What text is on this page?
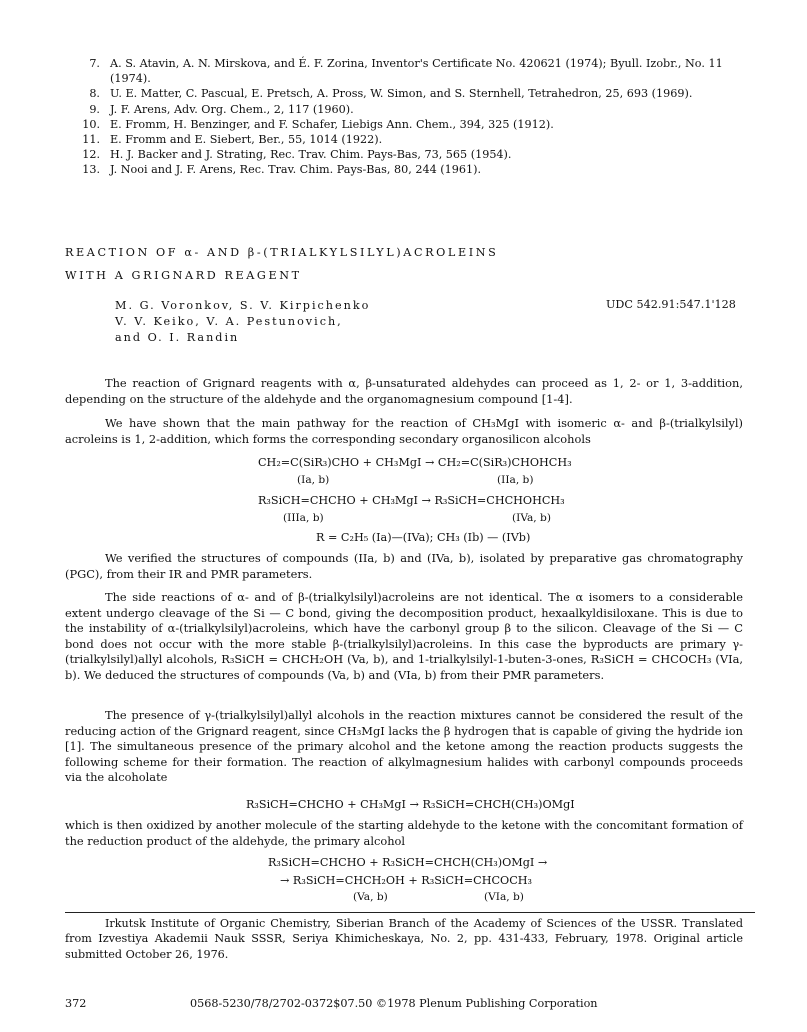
7. A. S. Atavin, A. N. Mirskova, and É. F. Zorina, Inventor's Certificate No. 420621 (1974); Byull. Izobr., No. 11 (1974).
8. U. E. Matter, C. Pascual, E. Pretsch, A. Pross, W. Simon, and S. Sternhell, Tetrahedron, 25, 693 (1969).
9. J. F. Arens, Adv. Org. Chem., 2, 117 (1960).
10. E. Fromm, H. Benzinger, and F. Schafer, Liebigs Ann. Chem., 394, 325 (1912).
11. E. Fromm and E. Siebert, Ber., 55, 1014 (1922).
12. H. J. Backer and J. Strating, Rec. Trav. Chim. Pays-Bas, 73, 565 (1954).
13. J. Nooi and J. F. Arens, Rec. Trav. Chim. Pays-Bas, 80, 244 (1961).
REACTION OF α- AND β-(TRIALKYLSILYL)ACROLEINS
WITH A GRIGNARD REAGENT
M. G. Voronkov, S. V. Kirpichenko
V. V. Keiko, V. A. Pestunovich,
and O. I. Randin
UDC 542.91:547.1'128

The reaction of Grignard reagents with α, β-unsaturated aldehydes can proceed as 1, 2- or 1, 3-addition, depending on the structure of the aldehyde and the organomagnesium compound [1-4].

We have shown that the main pathway for the reaction of CH₃MgI with isomeric α- and β-(trialkylsilyl) acroleins is 1, 2-addition, which forms the corresponding secondary organosilicon alcohols

CH₂=C(SiR₃)CHO + CH₃MgI → CH₂=C(SiR₃)CHOHCH₃
(Ia, b)	(IIa, b)
R₃SiCH=CHCHO + CH₃MgI → R₃SiCH=CHCHOHCH₃
(IIIa, b)	(IVa, b)
R = C₂H₅ (Ia)—(IVa); CH₃ (Ib) — (IVb)

We verified the structures of compounds (IIa, b) and (IVa, b), isolated by preparative gas chromatography (PGC), from their IR and PMR parameters.

The side reactions of α- and of β-(trialkylsilyl)acroleins are not identical. The α isomers to a considerable extent undergo cleavage of the Si — C bond, giving the decomposition product, hexaalkyldisiloxane. This is due to the instability of α-(trialkylsilyl)acroleins, which have the carbonyl group β to the silicon. Cleavage of the Si — C bond does not occur with the more stable β-(trialkylsilyl)acroleins. In this case the byproducts are primary γ-(trialkylsilyl)allyl alcohols, R₃SiCH = CHCH₂OH (Va, b), and 1-trialkylsilyl-1-buten-3-ones, R₃SiCH = CHCOCH₃ (VIa, b). We deduced the structures of compounds (Va, b) and (VIa, b) from their PMR parameters.

The presence of γ-(trialkylsilyl)allyl alcohols in the reaction mixtures cannot be considered the result of the reducing action of the Grignard reagent, since CH₃MgI lacks the β hydrogen that is capable of giving the hydride ion [1]. The simultaneous presence of the primary alcohol and the ketone among the reaction products suggests the following scheme for their formation. The reaction of alkylmagnesium halides with carbonyl compounds proceeds via the alcoholate

R₃SiCH=CHCHO + CH₃MgI → R₃SiCH=CHCH(CH₃)OMgI

which is then oxidized by another molecule of the starting aldehyde to the ketone with the concomitant formation of the reduction product of the aldehyde, the primary alcohol

R₃SiCH=CHCHO + R₃SiCH=CHCH(CH₃)OMgI →
→ R₃SiCH=CHCH₂OH + R₃SiCH=CHCOCH₃
(Va, b)	(VIa, b)

Irkutsk Institute of Organic Chemistry, Siberian Branch of the Academy of Sciences of the USSR. Translated from Izvestiya Akademii Nauk SSSR, Seriya Khimicheskaya, No. 2, pp. 431-433, February, 1978. Original article submitted October 26, 1976.

372	0568-5230/78/2702-0372$07.50 ©1978 Plenum Publishing Corporation
